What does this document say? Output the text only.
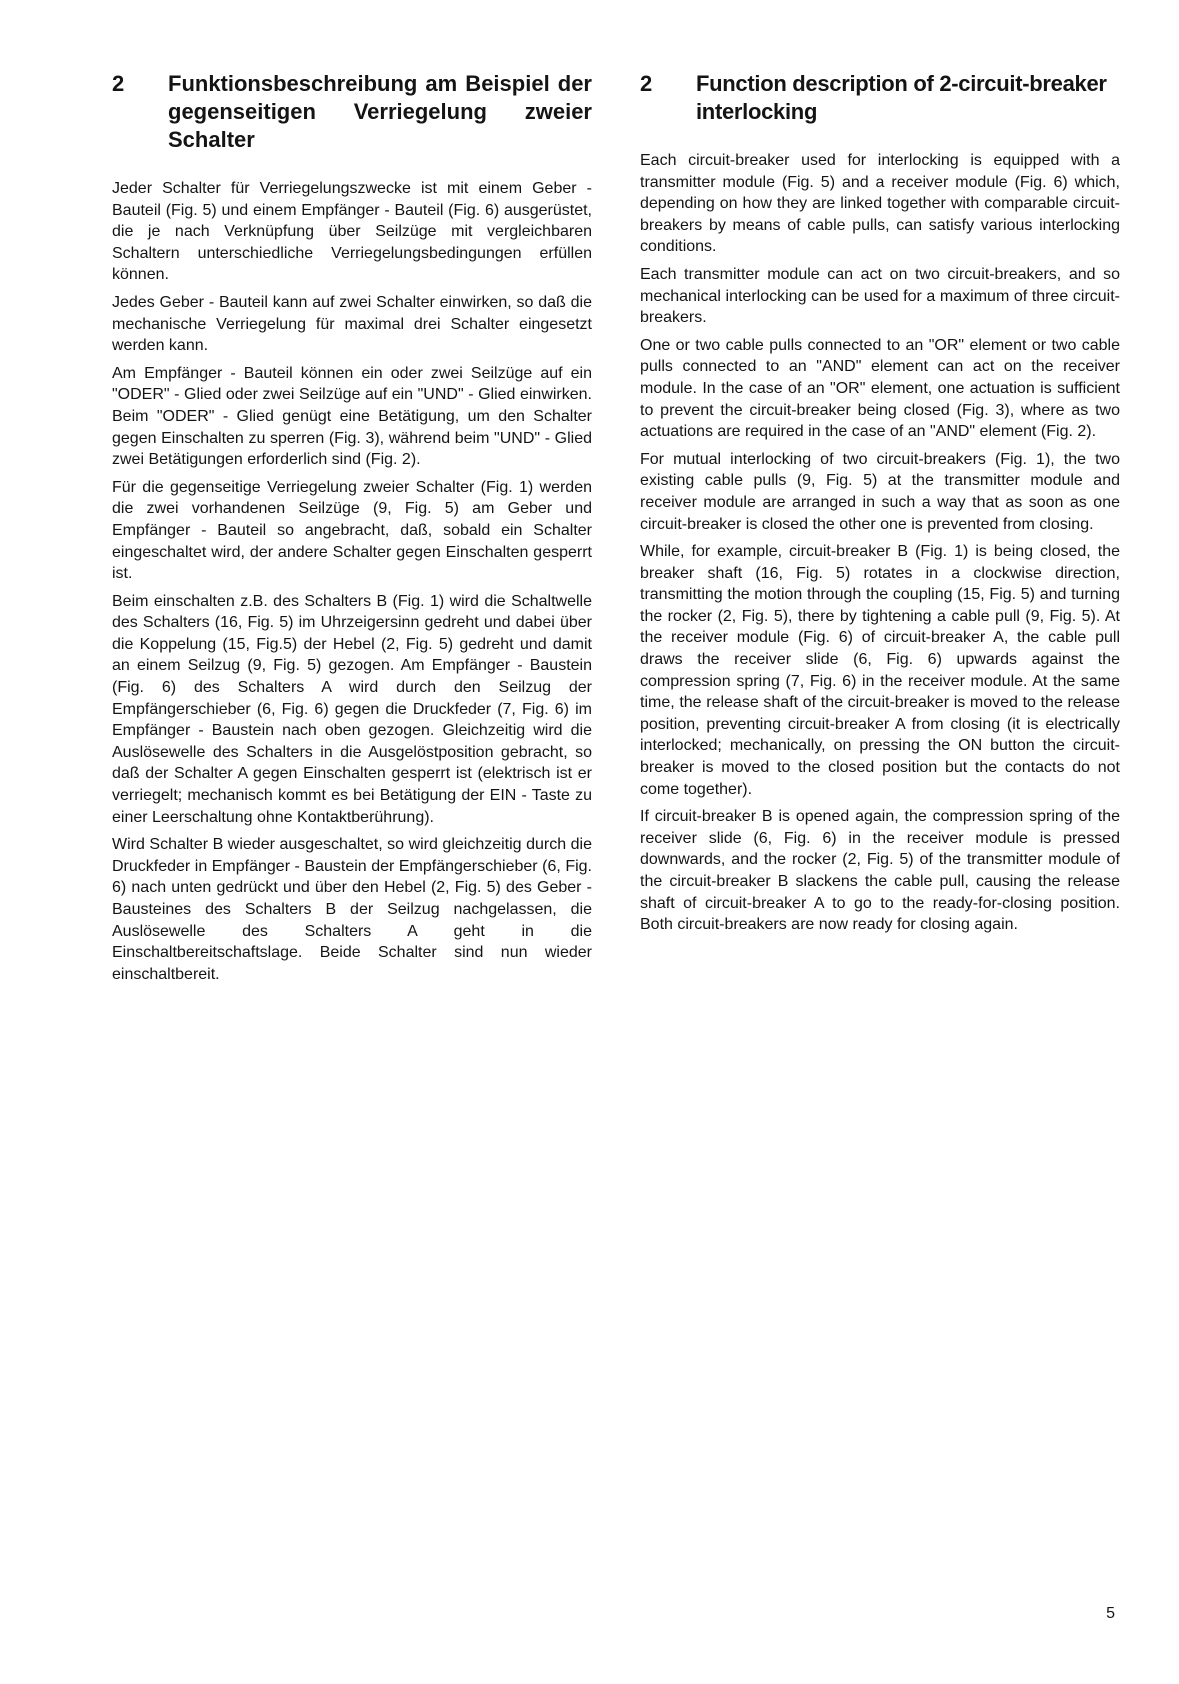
2	Funktionsbeschreibung am Beispiel der gegenseitigen Verriegelung zweier Schalter

Jeder Schalter für Verriegelungszwecke ist mit einem Geber - Bauteil (Fig. 5) und einem Empfänger - Bauteil (Fig. 6) ausgerüstet, die je nach Verknüpfung über Seilzüge mit vergleichbaren Schaltern unterschiedliche Verriegelungsbedingungen erfüllen können.

Jedes Geber - Bauteil kann auf zwei Schalter einwirken, so daß die mechanische Verriegelung für maximal drei Schalter eingesetzt werden kann.

Am Empfänger - Bauteil können ein oder zwei Seilzüge auf ein "ODER" - Glied oder zwei Seilzüge auf ein "UND" - Glied einwirken. Beim "ODER" - Glied genügt eine Betätigung, um den Schalter gegen Einschalten zu sperren (Fig. 3), während beim "UND" - Glied zwei Betätigungen erforderlich sind (Fig. 2).

Für die gegenseitige Verriegelung zweier Schalter (Fig. 1) werden die zwei vorhandenen Seilzüge (9, Fig. 5) am Geber und Empfänger - Bauteil so angebracht, daß, sobald ein Schalter eingeschaltet wird, der andere Schalter gegen Einschalten gesperrt ist.

Beim einschalten z.B. des Schalters B (Fig. 1) wird die Schaltwelle des Schalters (16, Fig. 5) im Uhrzeigersinn gedreht und dabei über die Koppelung (15, Fig.5) der Hebel (2, Fig. 5) gedreht und damit an einem Seilzug (9, Fig. 5) gezogen. Am Empfänger - Baustein (Fig. 6) des Schalters A wird durch den Seilzug der Empfängerschieber (6, Fig. 6) gegen die Druckfeder (7, Fig. 6) im Empfänger - Baustein nach oben gezogen. Gleichzeitig wird die Auslösewelle des Schalters in die Ausgelöstposition gebracht, so daß der Schalter A gegen Einschalten gesperrt ist (elektrisch ist er verriegelt; mechanisch kommt es bei Betätigung der EIN - Taste zu einer Leerschaltung ohne Kontaktberührung).

Wird Schalter B wieder ausgeschaltet, so wird gleichzeitig durch die Druckfeder in Empfänger - Baustein der Empfängerschieber (6, Fig. 6) nach unten gedrückt und über den Hebel (2, Fig. 5) des Geber - Bausteines des Schalters B der Seilzug nachgelassen, die Auslösewelle des Schalters A geht in die Einschaltbereitschaftslage. Beide Schalter sind nun wieder einschaltbereit.

2	Function description of 2-circuit-breaker interlocking

Each circuit-breaker used for interlocking is equipped with a transmitter module (Fig. 5) and a receiver module (Fig. 6) which, depending on how they are linked together with comparable circuit-breakers by means of cable pulls, can satisfy various interlocking conditions.

Each transmitter module can act on two circuit-breakers, and so mechanical interlocking can be used for a maximum of three circuit-breakers.

One or two cable pulls connected to an "OR" element or two cable pulls connected to an "AND" element can act on the receiver module. In the case of an "OR" element, one actuation is sufficient to prevent the circuit-breaker being closed (Fig. 3), where as two actuations are required in the case of an "AND" element (Fig. 2).

For mutual interlocking of two circuit-breakers (Fig. 1), the two existing cable pulls (9, Fig. 5) at the transmitter module and receiver module are arranged in such a way that as soon as one circuit-breaker is closed the other one is prevented from closing.

While, for example, circuit-breaker B (Fig. 1) is being closed, the breaker shaft (16, Fig. 5) rotates in a clockwise direction, transmitting the motion through the coupling (15, Fig. 5) and turning the rocker (2, Fig. 5), there by tightening a cable pull (9, Fig. 5). At the receiver module (Fig. 6) of circuit-breaker A, the cable pull draws the receiver slide (6, Fig. 6) upwards against the compression spring (7, Fig. 6) in the receiver module. At the same time, the release shaft of the circuit-breaker is moved to the release position, preventing circuit-breaker A from closing (it is electrically interlocked; mechanically, on pressing the ON button the circuit-breaker is moved to the closed position but the contacts do not come together).

If circuit-breaker B is opened again, the compression spring of the receiver slide (6, Fig. 6) in the receiver module is pressed downwards, and the rocker (2, Fig. 5) of the transmitter module of the circuit-breaker B slackens the cable pull, causing the release shaft of circuit-breaker A to go to the ready-for-closing position. Both circuit-breakers are now ready for closing again.

5
